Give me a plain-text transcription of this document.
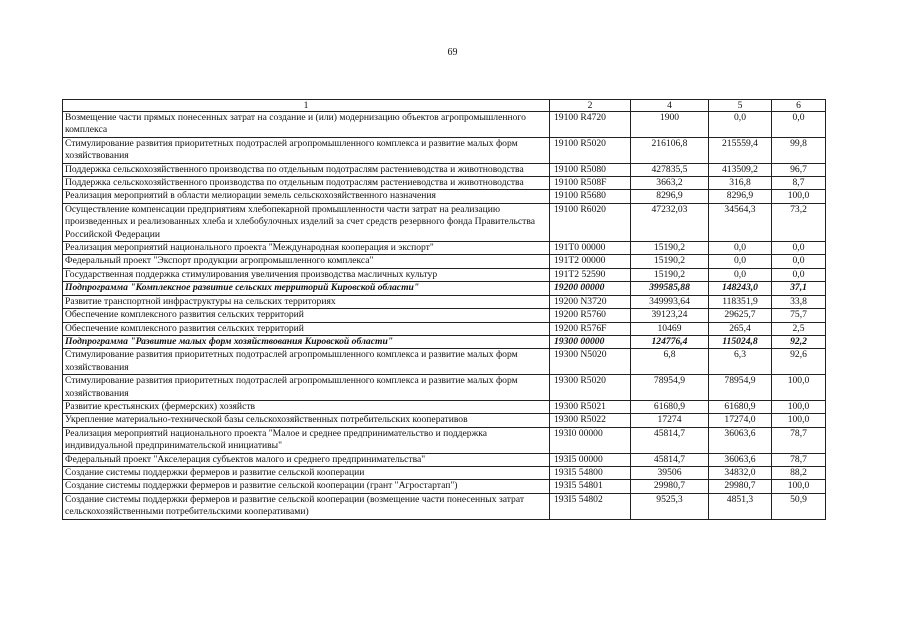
69
1	2	4	5	6
Возмещение части прямых понесенных затрат на создание и (или) модернизацию объектов агропромышленного комплекса	19100 R4720	1900	0,0	0,0
Стимулирование развития приоритетных подотраслей агропромышленного комплекса и развитие малых форм хозяйствования	19100 R5020	216106,8	215559,4	99,8
Поддержка сельскохозяйственного производства по отдельным подотраслям растениеводства и животноводства	19100 R5080	427835,5	413509,2	96,7
Поддержка сельскохозяйственного производства по отдельным подотраслям растениеводства и животноводства	19100 R508F	3663,2	316,8	8,7
Реализация мероприятий в области мелиорации земель сельскохозяйственного назначения	19100 R5680	8296,9	8296,9	100,0
Осуществление компенсации предприятиям хлебопекарной промышленности части затрат на реализацию произведенных и реализованных хлеба и хлебобулочных изделий за счет средств резервного фонда Правительства Российской Федерации	19100 R6020	47232,03	34564,3	73,2
Реализация мероприятий национального проекта "Международная кооперация и экспорт"	191T0 00000	15190,2	0,0	0,0
Федеральный проект "Экспорт продукции агропромышленного комплекса"	191T2 00000	15190,2	0,0	0,0
Государственная поддержка стимулирования увеличения производства масличных культур	191T2 52590	15190,2	0,0	0,0
Подпрограмма "Комплексное развитие сельских территорий Кировской области"	19200 00000	399585,88	148243,0	37,1
Развитие транспортной инфраструктуры на сельских территориях	19200 N3720	349993,64	118351,9	33,8
Обеспечение комплексного развития сельских территорий	19200 R5760	39123,24	29625,7	75,7
Обеспечение комплексного развития сельских территорий	19200 R576F	10469	265,4	2,5
Подпрограмма "Развитие малых форм хозяйствования Кировской области"	19300 00000	124776,4	115024,8	92,2
Стимулирование развития приоритетных подотраслей агропромышленного комплекса и развитие малых форм хозяйствования	19300 N5020	6,8	6,3	92,6
Стимулирование развития приоритетных подотраслей агропромышленного комплекса и развитие малых форм хозяйствования	19300 R5020	78954,9	78954,9	100,0
Развитие крестьянских (фермерских) хозяйств	19300 R5021	61680,9	61680,9	100,0
Укрепление материально-технической базы сельскохозяйственных потребительских кооперативов	19300 R5022	17274	17274,0	100,0
Реализация мероприятий национального проекта "Малое и среднее предпринимательство и поддержка индивидуальной предпринимательской инициативы"	193I0 00000	45814,7	36063,6	78,7
Федеральный проект "Акселерация субъектов малого и среднего предпринимательства"	193I5 00000	45814,7	36063,6	78,7
Создание системы поддержки фермеров и развитие сельской кооперации	193I5 54800	39506	34832,0	88,2
Создание системы поддержки фермеров и развитие сельской кооперации (грант "Агростартап")	193I5 54801	29980,7	29980,7	100,0
Создание системы поддержки фермеров и развитие сельской кооперации (возмещение части понесенных затрат сельскохозяйственными потребительскими кооперативами)	193I5 54802	9525,3	4851,3	50,9
